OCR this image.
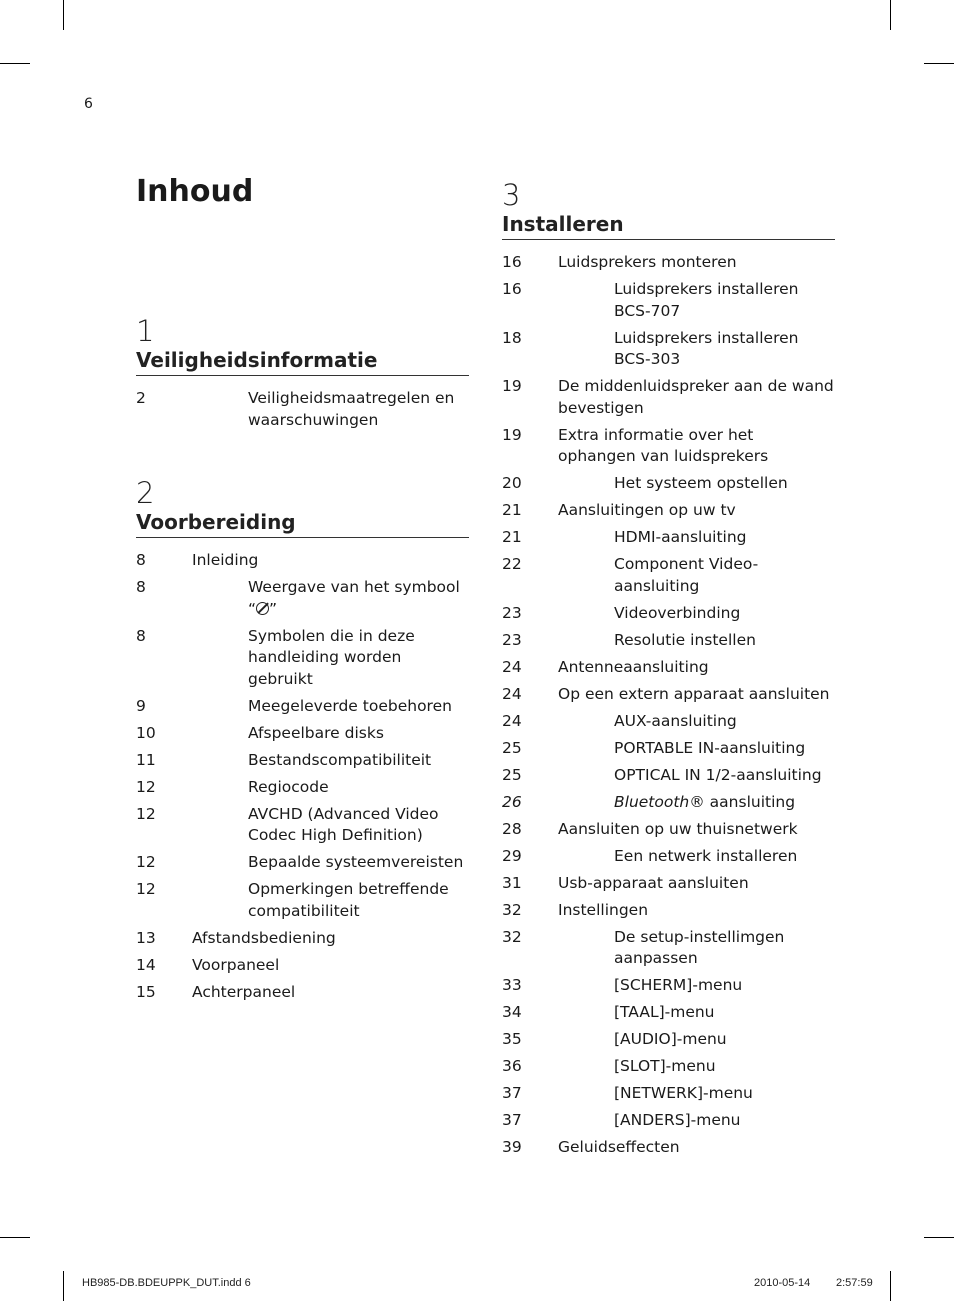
6
Inhoud
1
Veiligheidsinformatie
2	Veiligheidsmaatregelen en waarschuwingen
2
Voorbereiding
8	Inleiding
8	Weergave van het symbool “ ”
8	Symbolen die in deze handleiding worden gebruikt
9	Meegeleverde toebehoren
10	Afspeelbare disks
11	Bestandscompatibiliteit
12	Regiocode
12	AVCHD (Advanced Video Codec High Definition)
12	Bepaalde systeemvereisten
12	Opmerkingen betreffende compatibiliteit
13	Afstandsbediening
14	Voorpaneel
15	Achterpaneel
3
Installeren
16	Luidsprekers monteren
16	Luidsprekers installeren BCS-707
18	Luidsprekers installeren BCS-303
19	De middenluidspreker aan de wand bevestigen
19	Extra informatie over het ophangen van luidsprekers
20	Het systeem opstellen
21	Aansluitingen op uw tv
21	HDMI-aansluiting
22	Component Video-aansluiting
23	Videoverbinding
23	Resolutie instellen
24	Antenneaansluiting
24	Op een extern apparaat aansluiten
24	AUX-aansluiting
25	PORTABLE IN-aansluiting
25	OPTICAL IN 1/2-aansluiting
26	Bluetooth® aansluiting
28	Aansluiten op uw thuisnetwerk
29	Een netwerk installeren
31	Usb-apparaat aansluiten
32	Instellingen
32	De setup-instellimgen aanpassen
33	[SCHERM]-menu
34	[TAAL]-menu
35	[AUDIO]-menu
36	[SLOT]-menu
37	[NETWERK]-menu
37	[ANDERS]-menu
39	Geluidseffecten
HB985-DB.BDEUPPK_DUT.indd 6	2010-05-14 2:57:59
